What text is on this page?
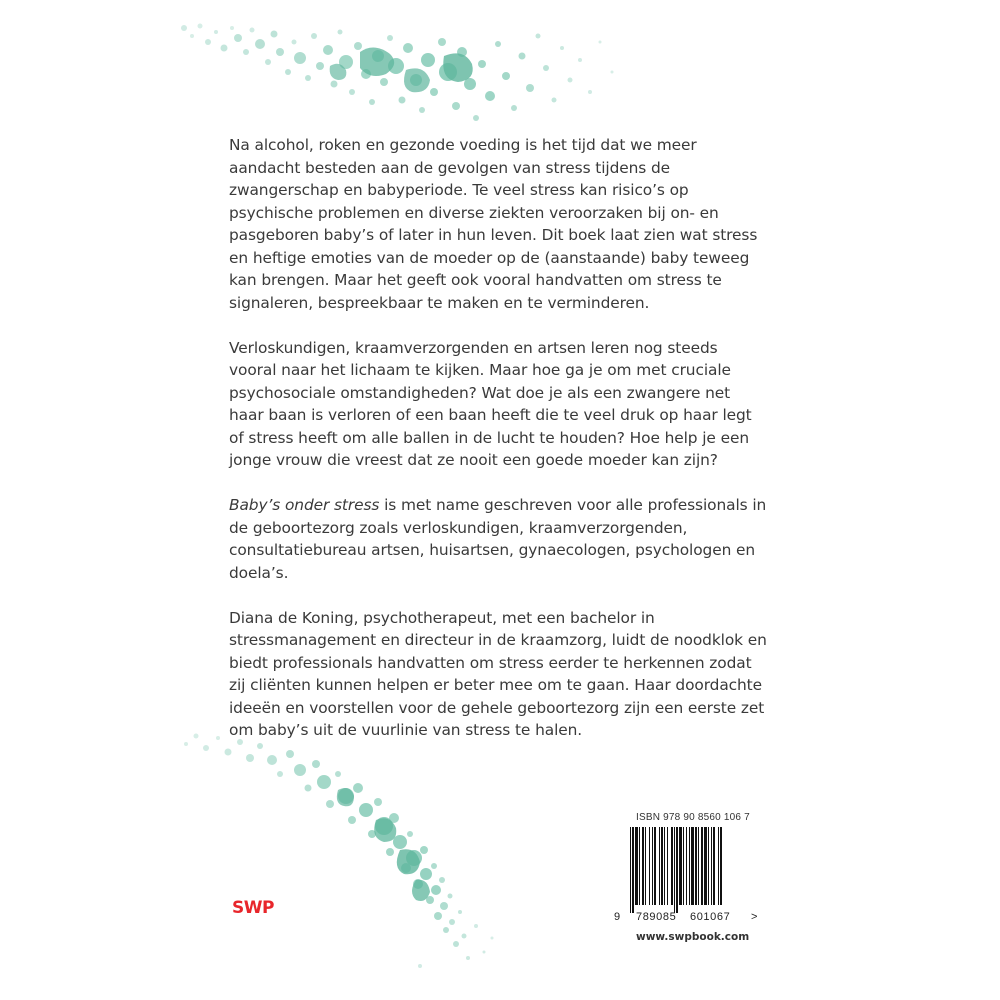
Na alcohol, roken en gezonde voeding is het tijd dat we meer aandacht besteden aan de gevolgen van stress tijdens de zwangerschap en babyperiode. Te veel stress kan risico’s op psychische problemen en diverse ziekten veroorzaken bij on- en pasgeboren baby’s of later in hun leven. Dit boek laat zien wat stress en heftige emoties van de moeder op de (aanstaande) baby teweeg kan brengen. Maar het geeft ook vooral handvatten om stress te signaleren, bespreekbaar te maken en te verminderen.

Verloskundigen, kraamverzorgenden en artsen leren nog steeds vooral naar het lichaam te kijken. Maar hoe ga je om met cruciale psychosociale omstandigheden? Wat doe je als een zwangere net haar baan is verloren of een baan heeft die te veel druk op haar legt of stress heeft om alle ballen in de lucht te houden? Hoe help je een jonge vrouw die vreest dat ze nooit een goede moeder kan zijn?

Baby’s onder stress is met name geschreven voor alle professionals in de geboortezorg zoals verloskundigen, kraamverzorgenden, consultatiebureau artsen, huisartsen, gynaecologen, psychologen en doela’s.

Diana de Koning, psychotherapeut, met een bachelor in stressmanagement en directeur in de kraamzorg, luidt de noodklok en biedt professionals handvatten om stress eerder te herkennen zodat zij cliënten kunnen helpen er beter mee om te gaan. Haar doordachte ideeën en voorstellen voor de gehele geboortezorg zijn een eerste zet om baby’s uit de vuurlinie van stress te halen.

SWP
ISBN 978 90 8560 106 7
9 789085 601067 >
www.swpbook.com
